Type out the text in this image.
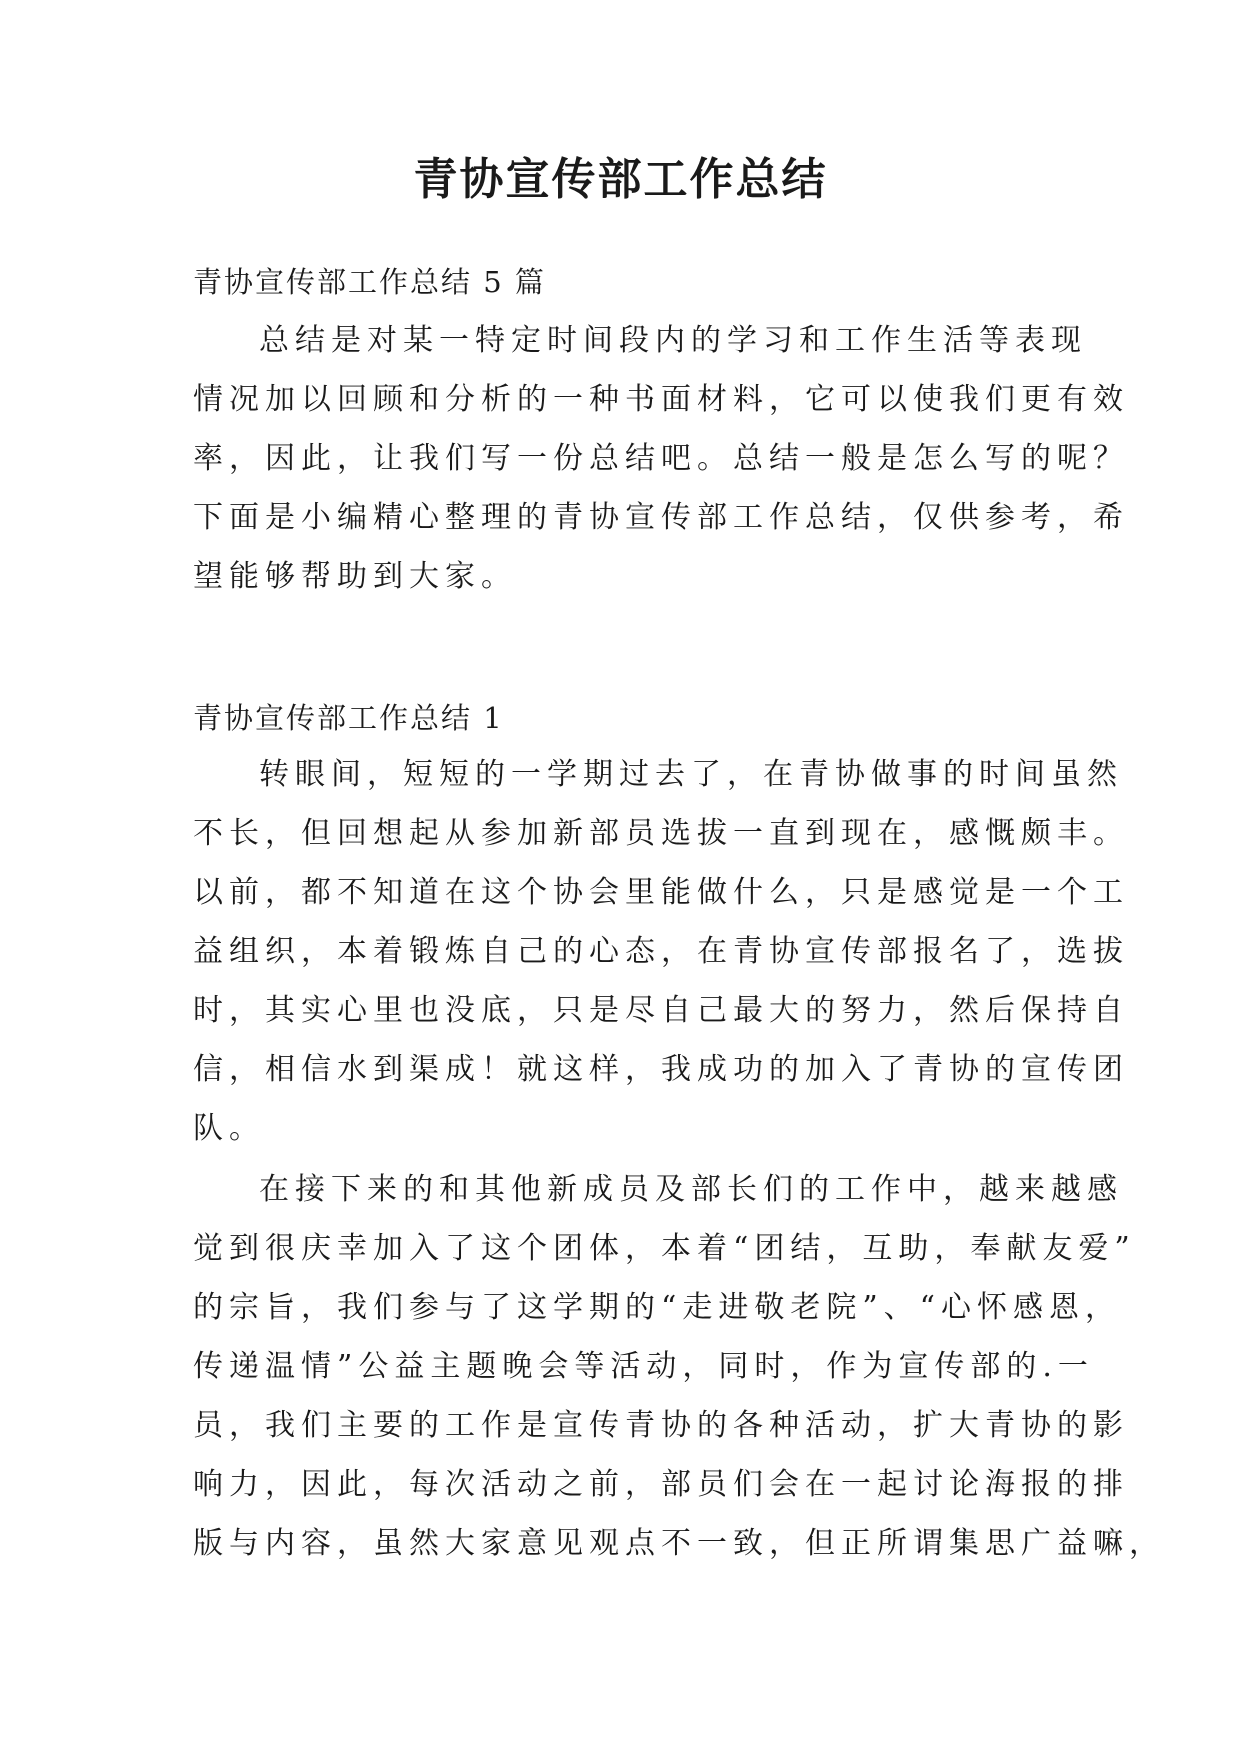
青协宣传部工作总结
青协宣传部工作总结 5 篇
总结是对某一特定时间段内的学习和工作生活等表现
情况加以回顾和分析的一种书面材料，它可以使我们更有效
率，因此，让我们写一份总结吧。总结一般是怎么写的呢？
下面是小编精心整理的青协宣传部工作总结，仅供参考，希
望能够帮助到大家。
青协宣传部工作总结 1
转眼间，短短的一学期过去了，在青协做事的时间虽然
不长，但回想起从参加新部员选拔一直到现在，感慨颇丰。
以前，都不知道在这个协会里能做什么，只是感觉是一个工
益组织，本着锻炼自己的心态，在青协宣传部报名了，选拔
时，其实心里也没底，只是尽自己最大的努力，然后保持自
信，相信水到渠成！就这样，我成功的加入了青协的宣传团
队。
在接下来的和其他新成员及部长们的工作中，越来越感
觉到很庆幸加入了这个团体，本着“团结，互助，奉献友爱”
的宗旨，我们参与了这学期的“走进敬老院”、“心怀感恩，
传递温情”公益主题晚会等活动，同时，作为宣传部的.一
员，我们主要的工作是宣传青协的各种活动，扩大青协的影
响力，因此，每次活动之前，部员们会在一起讨论海报的排
版与内容，虽然大家意见观点不一致，但正所谓集思广益嘛，
